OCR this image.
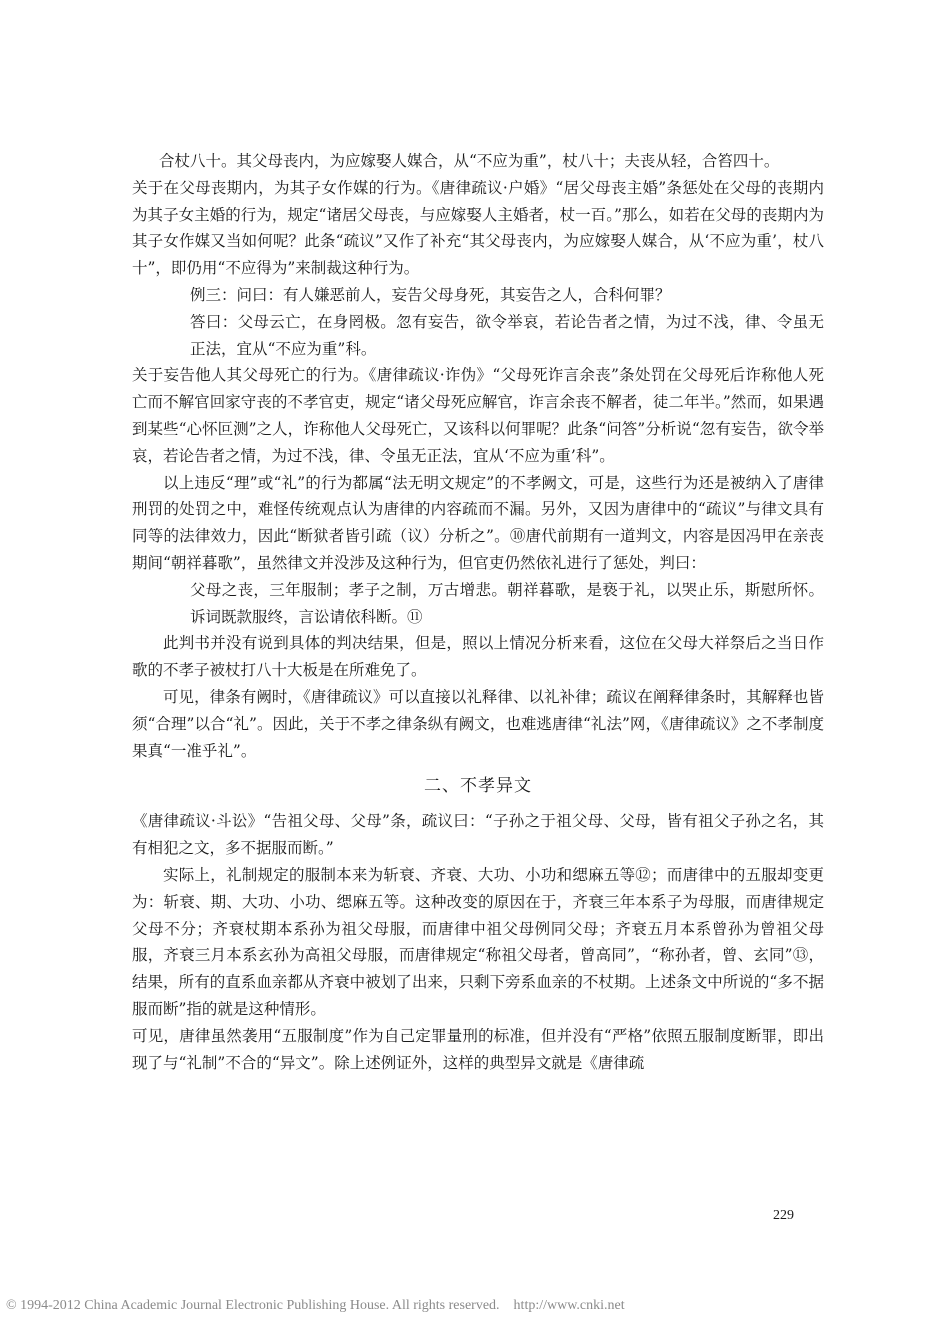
合杖八十。其父母丧内，为应嫁娶人媒合，从“不应为重”，杖八十；夫丧从轻，合笞四十。

关于在父母丧期内，为其子女作媒的行为。《唐律疏议·户婚》“居父母丧主婚”条惩处在父母的丧期内为其子女主婚的行为，规定“诸居父母丧，与应嫁娶人主婚者，杖一百。”那么，如若在父母的丧期内为其子女作媒又当如何呢？此条“疏议”又作了补充“其父母丧内，为应嫁娶人媒合，从‘不应为重’，杖八十”，即仍用“不应得为”来制裁这种行为。

例三：问曰：有人嫌恶前人，妄告父母身死，其妄告之人，合科何罪？

答曰：父母云亡，在身罔极。忽有妄告，欲令举哀，若论告者之情，为过不浅，律、令虽无正法，宜从“不应为重”科。

关于妄告他人其父母死亡的行为。《唐律疏议·诈伪》“父母死诈言余丧”条处罚在父母死后诈称他人死亡而不解官回家守丧的不孝官吏，规定“诸父母死应解官，诈言余丧不解者，徒二年半。”然而，如果遇到某些“心怀叵测”之人，诈称他人父母死亡，又该科以何罪呢？此条“问答”分析说“忽有妄告，欲令举哀，若论告者之情，为过不浅，律、令虽无正法，宜从‘不应为重’科”。

以上违反“理”或“礼”的行为都属“法无明文规定”的不孝阙文，可是，这些行为还是被纳入了唐律刑罚的处罚之中，难怪传统观点认为唐律的内容疏而不漏。另外，又因为唐律中的“疏议”与律文具有同等的法律效力，因此“断狱者皆引疏（议）分析之”。⑩唐代前期有一道判文，内容是因冯甲在亲丧期间“朝祥暮歌”，虽然律文并没涉及这种行为，但官吏仍然依礼进行了惩处，判曰：

父母之丧，三年服制；孝子之制，万古增悲。朝祥暮歌，是亵于礼，以哭止乐，斯慰所怀。诉词既款服终，言讼请依科断。⑪

此判书并没有说到具体的判决结果，但是，照以上情况分析来看，这位在父母大祥祭后之当日作歌的不孝子被杖打八十大板是在所难免了。

可见，律条有阙时，《唐律疏议》可以直接以礼释律、以礼补律；疏议在阐释律条时，其解释也皆须“合理”以合“礼”。因此，关于不孝之律条纵有阙文，也难逃唐律“礼法”网，《唐律疏议》之不孝制度果真“一准乎礼”。

二、不孝异文

《唐律疏议·斗讼》“告祖父母、父母”条，疏议曰：“子孙之于祖父母、父母，皆有祖父子孙之名，其有相犯之文，多不据服而断。”

实际上，礼制规定的服制本来为斩衰、齐衰、大功、小功和缌麻五等⑫；而唐律中的五服却变更为：斩衰、期、大功、小功、缌麻五等。这种改变的原因在于，齐衰三年本系子为母服，而唐律规定父母不分；齐衰杖期本系孙为祖父母服，而唐律中祖父母例同父母；齐衰五月本系曾孙为曾祖父母服，齐衰三月本系玄孙为高祖父母服，而唐律规定“称祖父母者，曾高同”，“称孙者，曾、玄同”⑬，结果，所有的直系血亲都从齐衰中被划了出来，只剩下旁系血亲的不杖期。上述条文中所说的“多不据服而断”指的就是这种情形。

可见，唐律虽然袭用“五服制度”作为自己定罪量刑的标准，但并没有“严格”依照五服制度断罪，即出现了与“礼制”不合的“异文”。除上述例证外，这样的典型异文就是《唐律疏

229
© 1994-2012 China Academic Journal Electronic Publishing House. All rights reserved.    http://www.cnki.net
